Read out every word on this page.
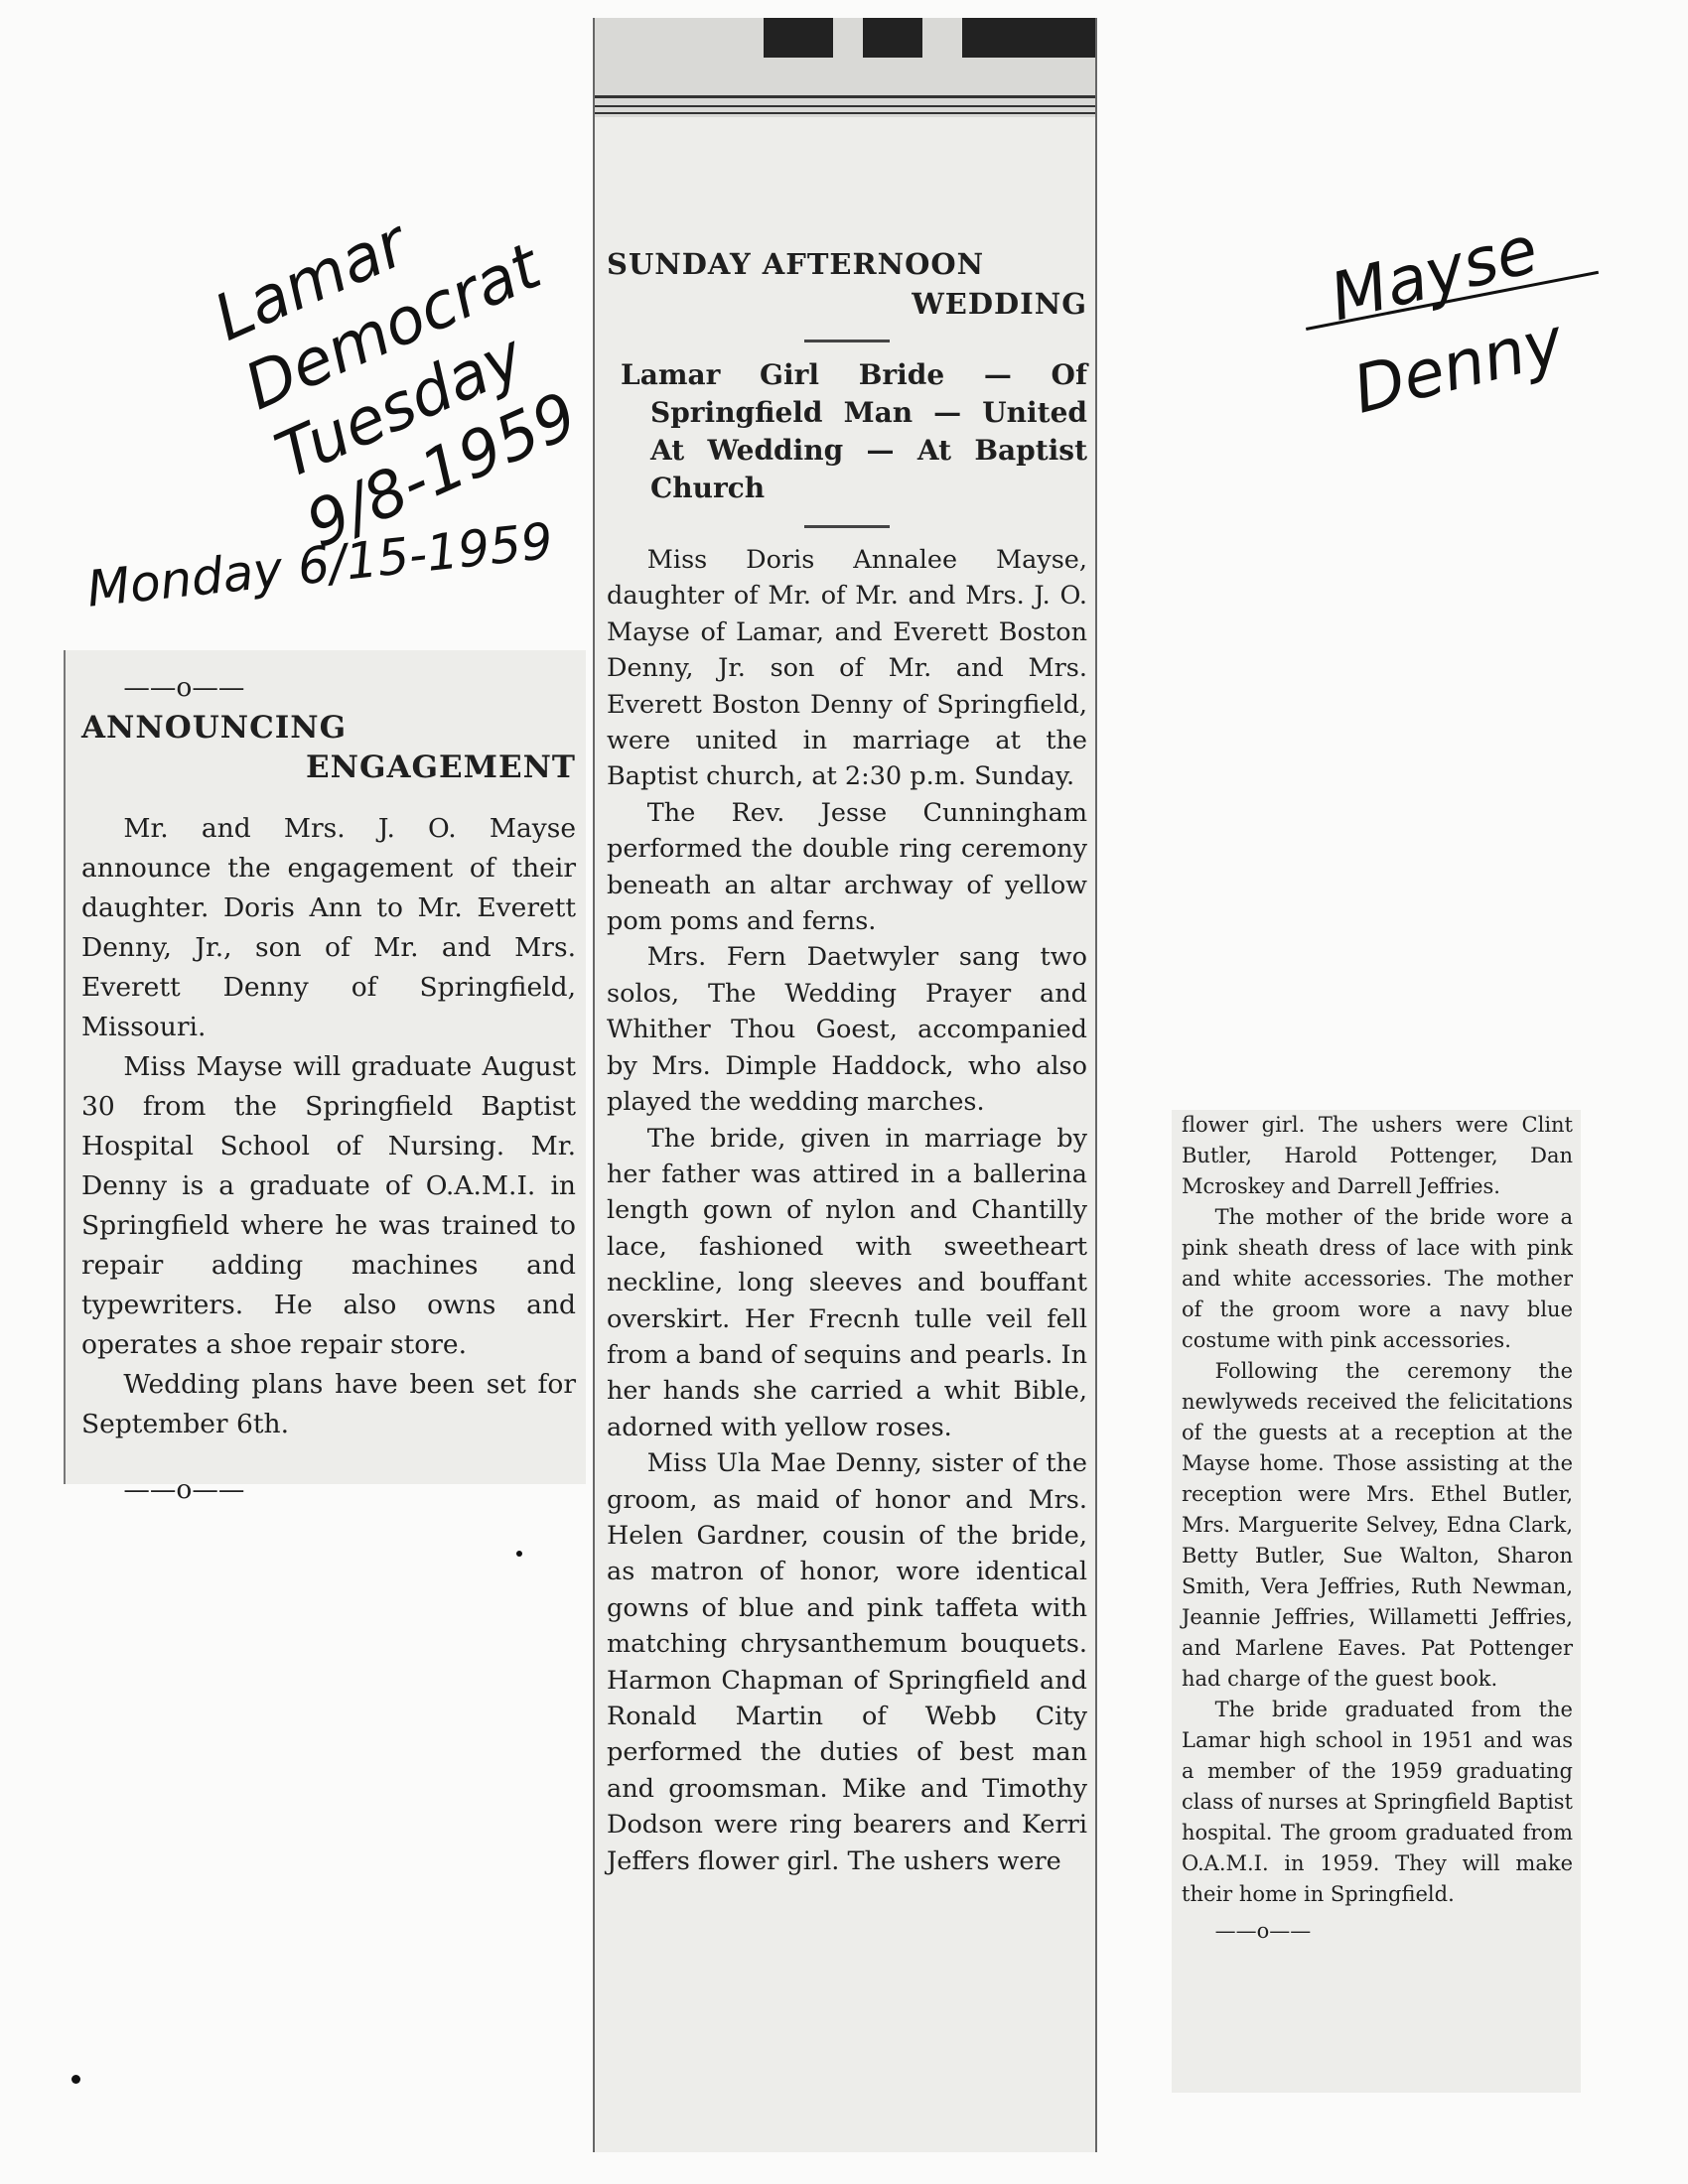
Lamar
Democrat
Tuesday
9/8-1959

Monday 6/15-1959

Mayse
Denny

——o——

ANNOUNCING
ENGAGEMENT

Mr. and Mrs. J. O. Mayse announce the engagement of their daughter. Doris Ann to Mr. Everett Denny, Jr., son of Mr. and Mrs. Everett Denny of Springfield, Missouri.

Miss Mayse will graduate August 30 from the Springfield Baptist Hospital School of Nursing. Mr. Denny is a graduate of O.A.M.I. in Springfield where he was trained to repair adding machines and typewriters. He also owns and operates a shoe repair store.

Wedding plans have been set for September 6th.

——o——

SUNDAY AFTERNOON
WEDDING
Lamar Girl Bride — Of Springfield Man — United At Wedding — At Baptist Church

Miss Doris Annalee Mayse, daughter of Mr. of Mr. and Mrs. J. O. Mayse of Lamar, and Everett Boston Denny, Jr. son of Mr. and Mrs. Everett Boston Denny of Springfield, were united in marriage at the Baptist church, at 2:30 p.m. Sunday.

The Rev. Jesse Cunningham performed the double ring ceremony beneath an altar archway of yellow pom poms and ferns.

Mrs. Fern Daetwyler sang two solos, The Wedding Prayer and Whither Thou Goest, accompanied by Mrs. Dimple Haddock, who also played the wedding marches.

The bride, given in marriage by her father was attired in a ballerina length gown of nylon and Chantilly lace, fashioned with sweetheart neckline, long sleeves and bouffant overskirt. Her Frecnh tulle veil fell from a band of sequins and pearls. In her hands she carried a whit Bible, adorned with yellow roses.

Miss Ula Mae Denny, sister of the groom, as maid of honor and Mrs. Helen Gardner, cousin of the bride, as matron of honor, wore identical gowns of blue and pink taffeta with matching chrysanthemum bouquets. Harmon Chapman of Springfield and Ronald Martin of Webb City performed the duties of best man and groomsman. Mike and Timothy Dodson were ring bearers and Kerri Jeffers flower girl. The ushers were

flower girl. The ushers were Clint Butler, Harold Pottenger, Dan Mcroskey and Darrell Jeffries.

The mother of the bride wore a pink sheath dress of lace with pink and white accessories. The mother of the groom wore a navy blue costume with pink accessories.

Following the ceremony the newlyweds received the felicitations of the guests at a reception at the Mayse home. Those assisting at the reception were Mrs. Ethel Butler, Mrs. Marguerite Selvey, Edna Clark, Betty Butler, Sue Walton, Sharon Smith, Vera Jeffries, Ruth Newman, Jeannie Jeffries, Willametti Jeffries, and Marlene Eaves. Pat Pottenger had charge of the guest book.

The bride graduated from the Lamar high school in 1951 and was a member of the 1959 graduating class of nurses at Springfield Baptist hospital. The groom graduated from O.A.M.I. in 1959. They will make their home in Springfield.

——o——
